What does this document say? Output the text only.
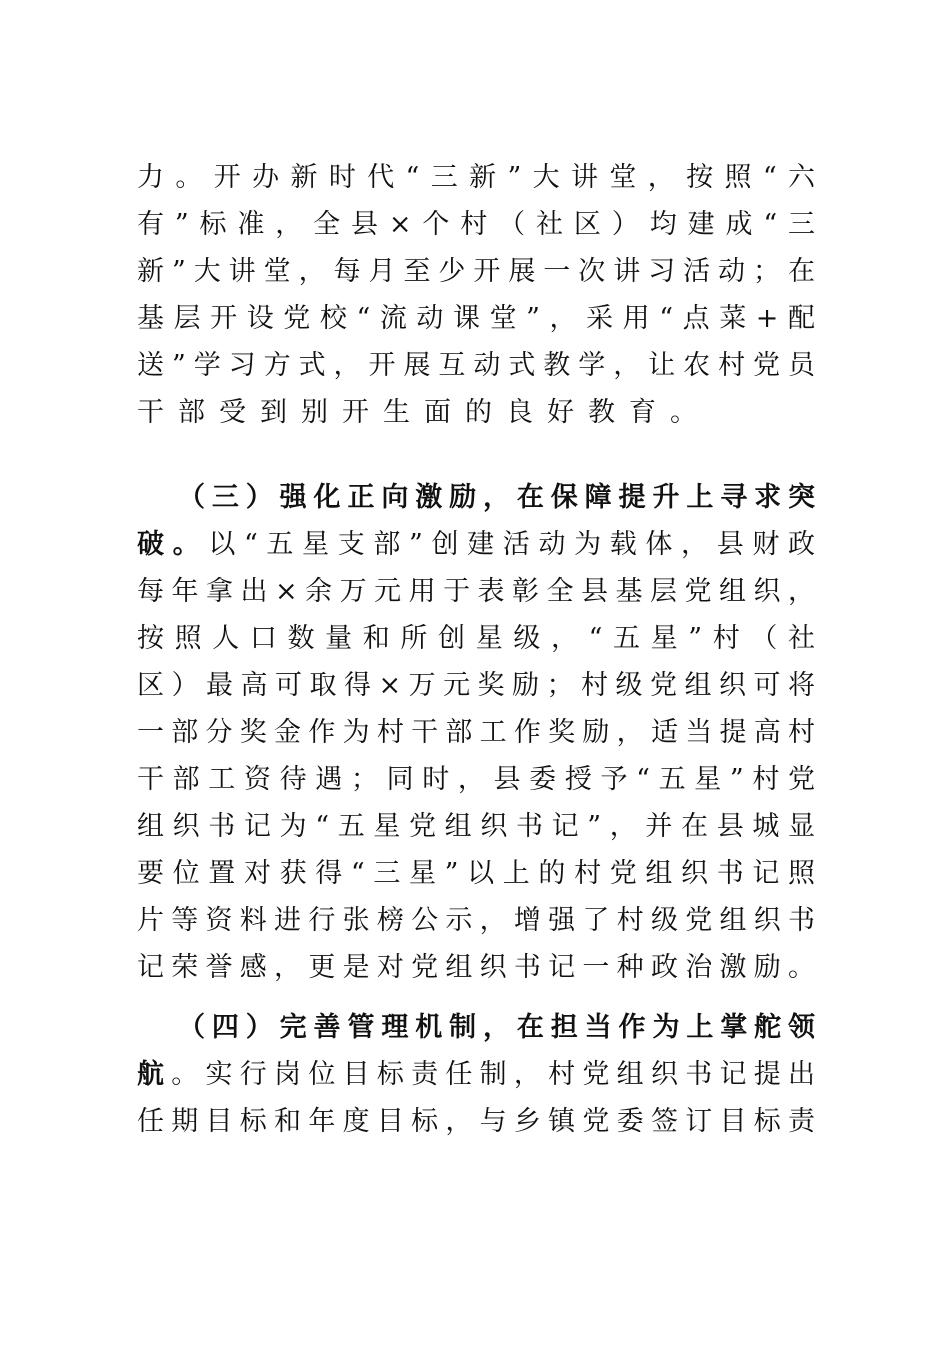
力。开办新时代“三新”大讲堂，按照“六
有”标准，全县×个村（社区）均建成“三
新”大讲堂，每月至少开展一次讲习活动；在
基层开设党校“流动课堂”，采用“点菜+配
送”学习方式，开展互动式教学，让农村党员
干部受到别开生面的良好教育。
（三）强化正向激励，在保障提升上寻求突
破。以“五星支部”创建活动为载体，县财政
每年拿出×余万元用于表彰全县基层党组织，
按照人口数量和所创星级，“五星”村（社
区）最高可取得×万元奖励；村级党组织可将
一部分奖金作为村干部工作奖励，适当提高村
干部工资待遇；同时，县委授予“五星”村党
组织书记为“五星党组织书记”，并在县城显
要位置对获得“三星”以上的村党组织书记照
片等资料进行张榜公示，增强了村级党组织书
记荣誉感，更是对党组织书记一种政治激励。
（四）完善管理机制，在担当作为上掌舵领
航。实行岗位目标责任制，村党组织书记提出
任期目标和年度目标，与乡镇党委签订目标责
